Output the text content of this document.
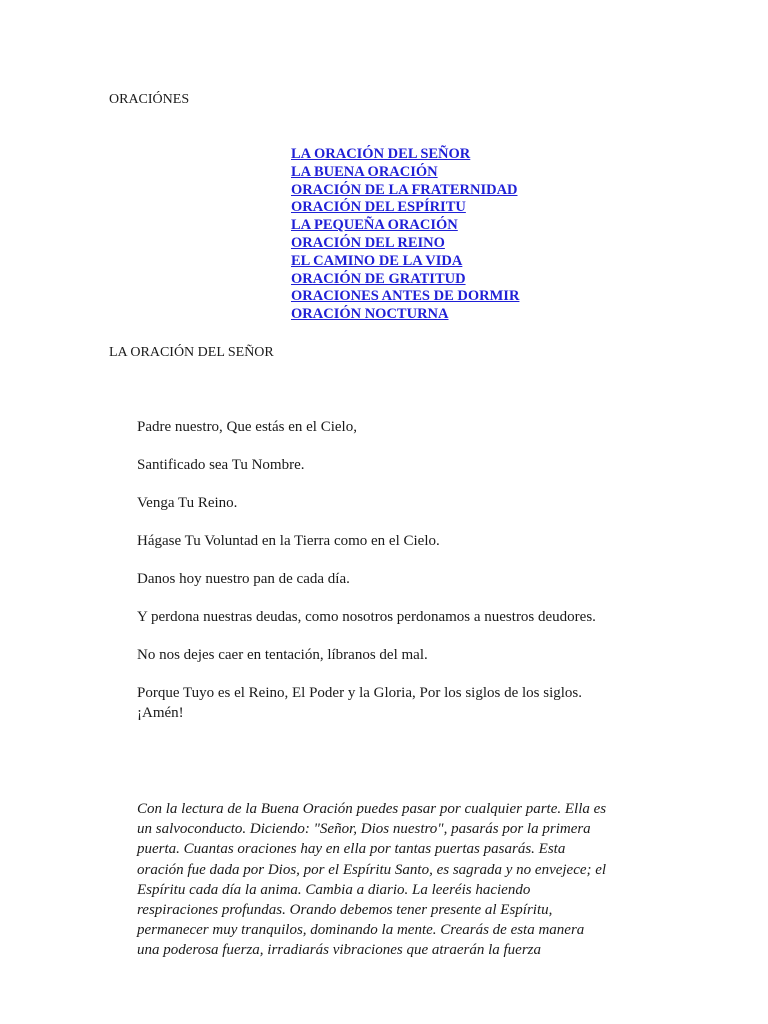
ORACIÓNES
LA ORACIÓN DEL SEÑOR
LA BUENA ORACIÓN
ORACIÓN DE LA FRATERNIDAD
ORACIÓN DEL ESPÍRITU
LA PEQUEÑA ORACIÓN
ORACIÓN DEL REINO
EL CAMINO DE LA VIDA
ORACIÓN DE GRATITUD
ORACIONES ANTES DE DORMIR
ORACIÓN NOCTURNA
LA ORACIÓN DEL SEÑOR

Padre nuestro, Que estás en el Cielo,

Santificado sea Tu Nombre.

Venga Tu Reino.

Hágase Tu Voluntad en la Tierra como en el Cielo.

Danos hoy nuestro pan de cada día.

Y perdona nuestras deudas, como nosotros perdonamos a nuestros deudores.

No nos dejes caer en tentación, líbranos del mal.

Porque Tuyo es el Reino, El Poder y la Gloria, Por los siglos de los siglos. ¡Amén!

Con la lectura de la Buena Oración puedes pasar por cualquier parte. Ella es un salvoconducto. Diciendo: "Señor, Dios nuestro", pasarás por la primera puerta. Cuantas oraciones hay en ella por tantas puertas pasarás. Esta oración fue dada por Dios, por el Espíritu Santo, es sagrada y no envejece; el Espíritu cada día la anima. Cambia a diario. La leeréis haciendo respiraciones profundas. Orando debemos tener presente al Espíritu, permanecer muy tranquilos, dominando la mente. Crearás de esta manera una poderosa fuerza, irradiarás vibraciones que atraerán la fuerza
